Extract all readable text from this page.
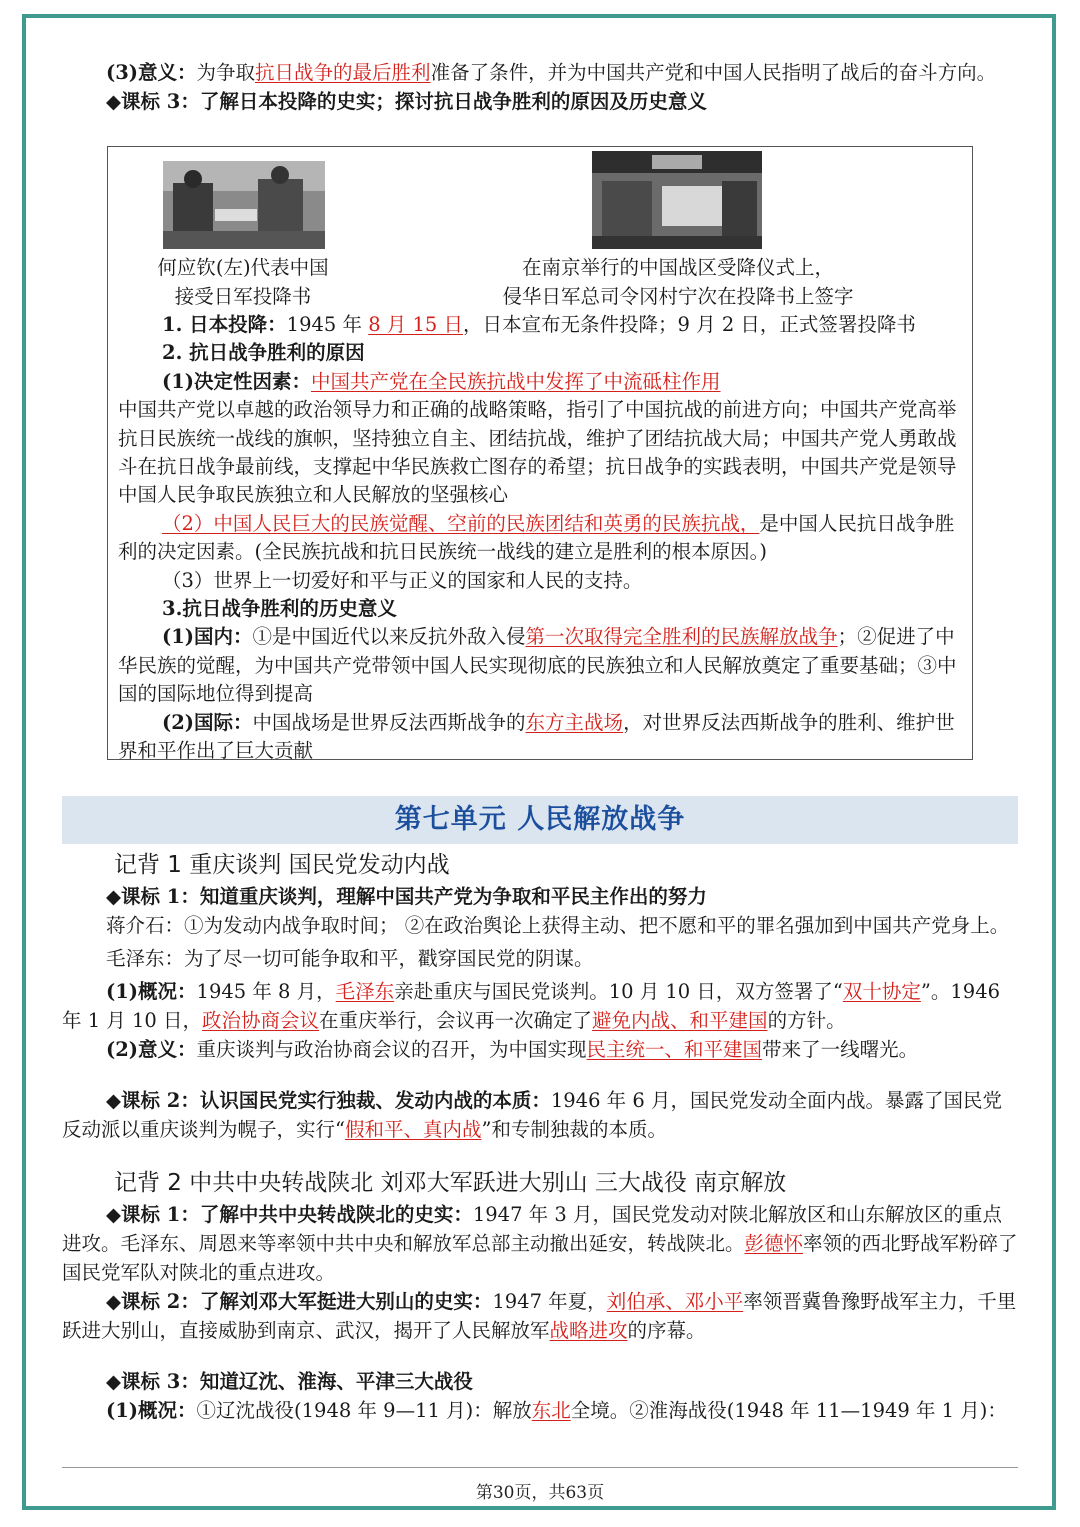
(3)意义：为争取抗日战争的最后胜利准备了条件，并为中国共产党和中国人民指明了战后的奋斗方向。

◆课标 3：了解日本投降的史实；探讨抗日战争胜利的原因及历史意义

何应钦(左)代表中国
接受日军投降书
在南京举行的中国战区受降仪式上，
侵华日军总司令冈村宁次在投降书上签字

1. 日本投降：1945 年 8 月 15 日，日本宣布无条件投降；9 月 2 日，正式签署投降书

2. 抗日战争胜利的原因

(1)决定性因素：中国共产党在全民族抗战中发挥了中流砥柱作用

中国共产党以卓越的政治领导力和正确的战略策略，指引了中国抗战的前进方向；中国共产党高举抗日民族统一战线的旗帜，坚持独立自主、团结抗战，维护了团结抗战大局；中国共产党人勇敢战斗在抗日战争最前线，支撑起中华民族救亡图存的希望；抗日战争的实践表明，中国共产党是领导中国人民争取民族独立和人民解放的坚强核心

（2）中国人民巨大的民族觉醒、空前的民族团结和英勇的民族抗战，是中国人民抗日战争胜利的决定因素。(全民族抗战和抗日民族统一战线的建立是胜利的根本原因。)

（3）世界上一切爱好和平与正义的国家和人民的支持。

3.抗日战争胜利的历史意义

(1)国内：①是中国近代以来反抗外敌入侵第一次取得完全胜利的民族解放战争；②促进了中华民族的觉醒，为中国共产党带领中国人民实现彻底的民族独立和人民解放奠定了重要基础；③中国的国际地位得到提高

(2)国际：中国战场是世界反法西斯战争的东方主战场，对世界反法西斯战争的胜利、维护世界和平作出了巨大贡献

第七单元 人民解放战争

记背 1 重庆谈判 国民党发动内战

◆课标 1：知道重庆谈判，理解中国共产党为争取和平民主作出的努力

蒋介石：①为发动内战争取时间； ②在政治舆论上获得主动、把不愿和平的罪名强加到中国共产党身上。

毛泽东：为了尽一切可能争取和平，戳穿国民党的阴谋。

(1)概况：1945 年 8 月，毛泽东亲赴重庆与国民党谈判。10 月 10 日，双方签署了“双十协定”。1946 年 1 月 10 日，政治协商会议在重庆举行，会议再一次确定了避免内战、和平建国的方针。

(2)意义：重庆谈判与政治协商会议的召开，为中国实现民主统一、和平建国带来了一线曙光。

◆课标 2：认识国民党实行独裁、发动内战的本质：1946 年 6 月，国民党发动全面内战。暴露了国民党反动派以重庆谈判为幌子，实行“假和平、真内战”和专制独裁的本质。

记背 2 中共中央转战陕北 刘邓大军跃进大别山 三大战役 南京解放

◆课标 1：了解中共中央转战陕北的史实：1947 年 3 月，国民党发动对陕北解放区和山东解放区的重点进攻。毛泽东、周恩来等率领中共中央和解放军总部主动撤出延安，转战陕北。彭德怀率领的西北野战军粉碎了国民党军队对陕北的重点进攻。

◆课标 2：了解刘邓大军挺进大别山的史实：1947 年夏，刘伯承、邓小平率领晋冀鲁豫野战军主力，千里跃进大别山，直接威胁到南京、武汉，揭开了人民解放军战略进攻的序幕。

◆课标 3：知道辽沈、淮海、平津三大战役

(1)概况：①辽沈战役(1948 年 9—11 月)：解放东北全境。②淮海战役(1948 年 11—1949 年 1 月)：

第30页，共63页
